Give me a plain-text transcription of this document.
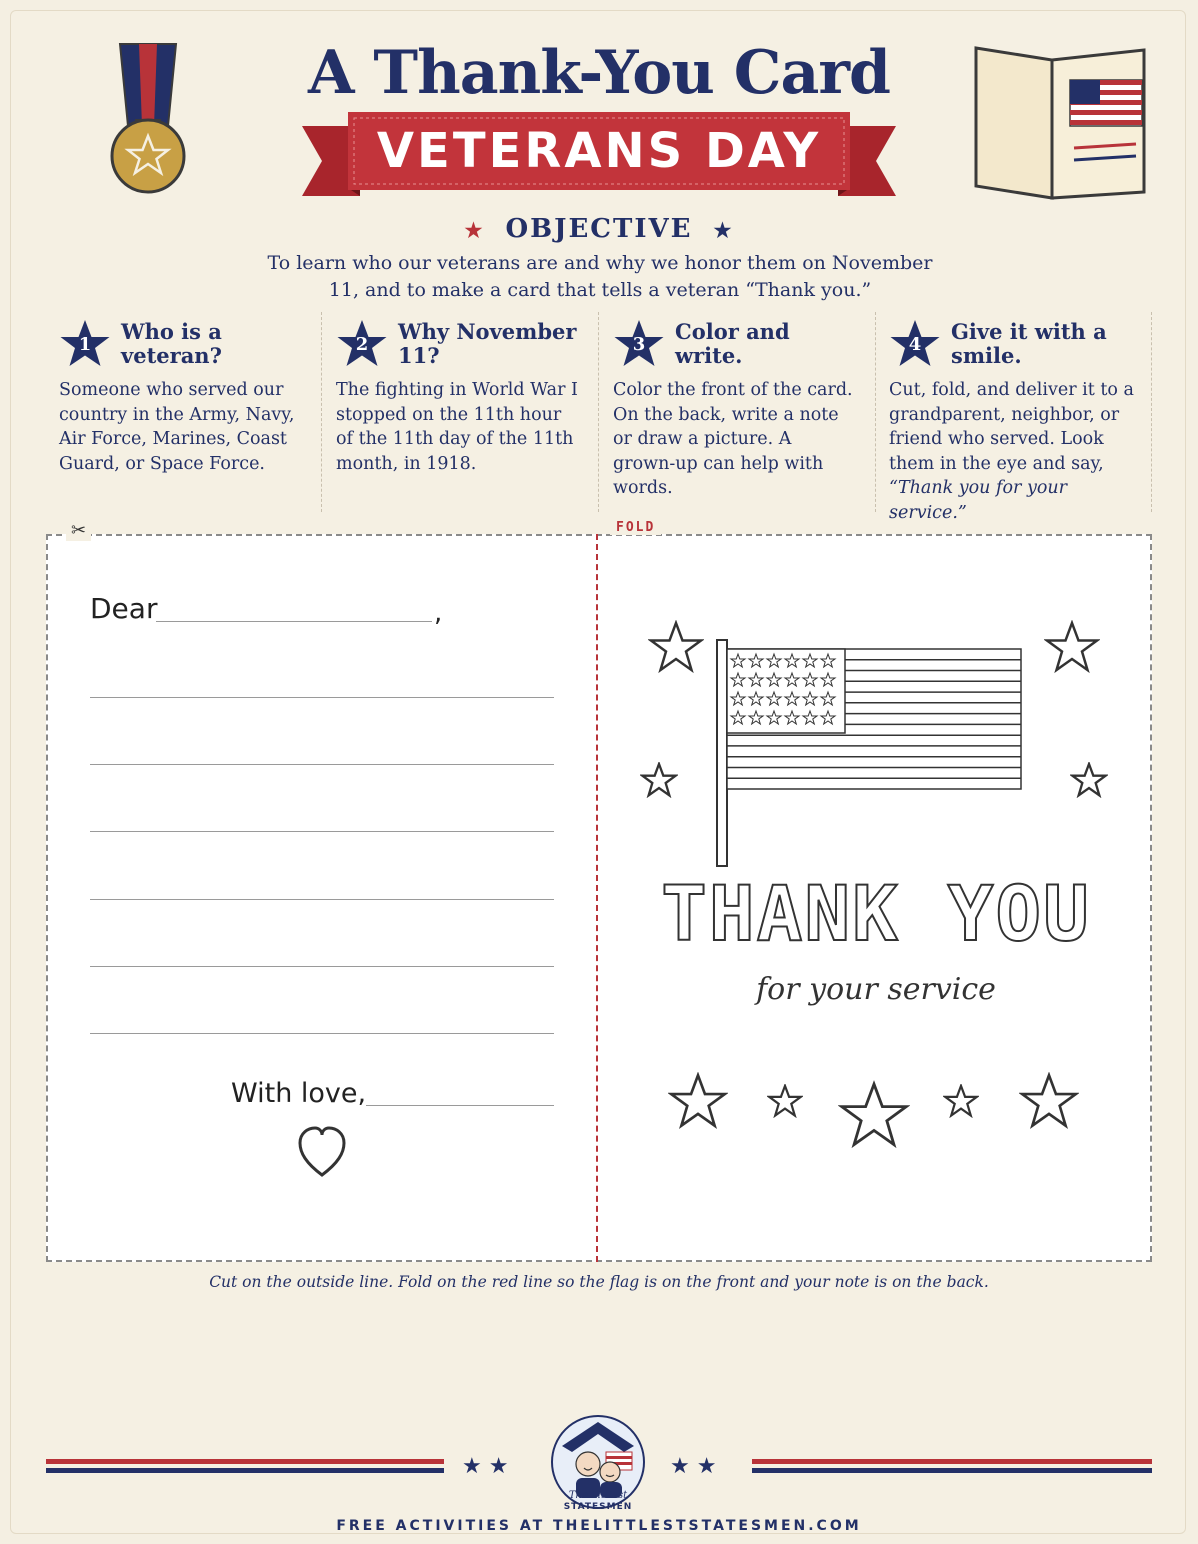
A Thank-You Card
VETERANS DAY
★ OBJECTIVE ★
To learn who our veterans are and why we honor them on November 11, and to make a card that tells a veteran “Thank you.”
1
Who is a veteran?
Someone who served our country in the Army, Navy, Air Force, Marines, Coast Guard, or Space Force.
2
Why November 11?
The fighting in World War I stopped on the 11th hour of the 11th day of the 11th month, in 1918.
3
Color and write.
Color the front of the card. On the back, write a note or draw a picture. A grown-up can help with words.
4
Give it with a smile.
Cut, fold, and deliver it to a grandparent, neighbor, or friend who served. Look them in the eye and say, “Thank you for your service.”
FOLD
✂
Dear	,
With love,
THANK YOU
for your service
Cut on the outside line. Fold on the red line so the flag is on the front and your note is on the back.
★ ★	★ ★
The Littlest
STATESMEN
FREE ACTIVITIES AT THELITTLESTSTATESMEN.COM
